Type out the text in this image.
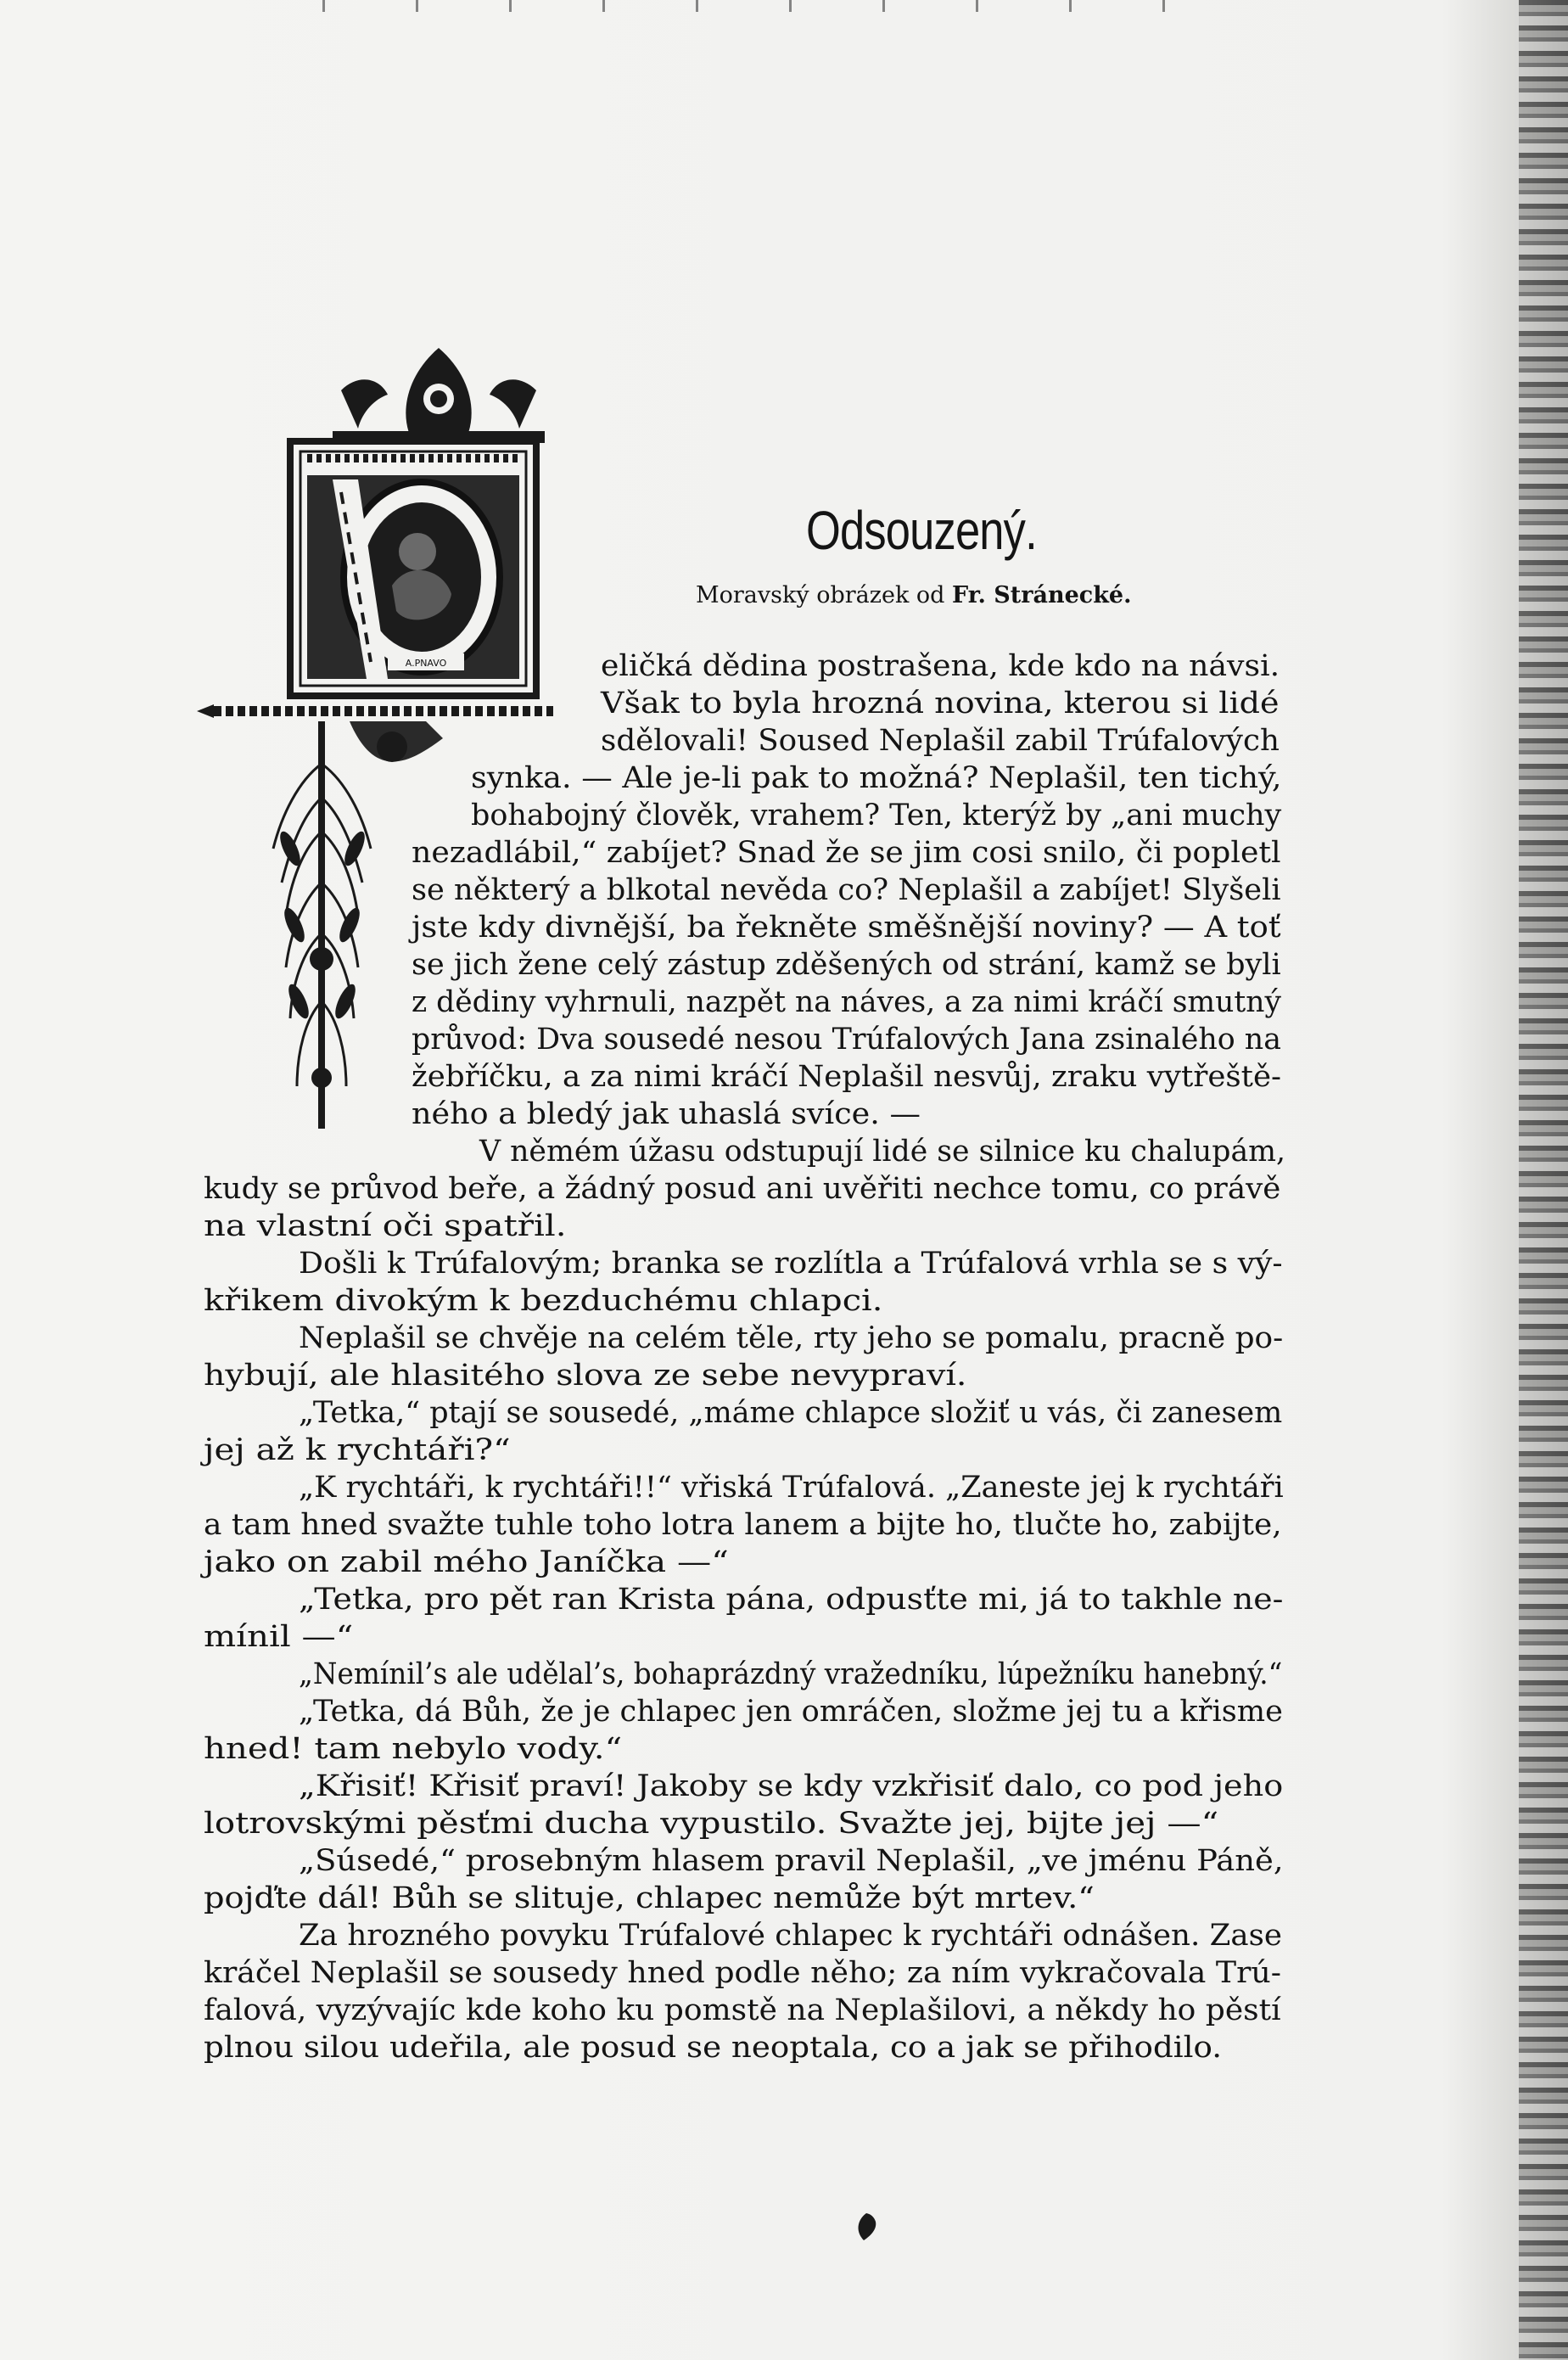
A.PNAVO
Odsouzený.

Moravský obrázek od Fr. Stránecké.

eličká dědina postrašena, kde kdo na návsi.
Však to byla hrozná novina, kterou si lidé
sdělovali! Soused Neplašil zabil Trúfalových
synka. — Ale je-li pak to možná? Neplašil, ten tichý,
bohabojný člověk, vrahem? Ten, kterýž by „ani muchy
nezadlábil,“ zabíjet? Snad že se jim cosi snilo, či popletl
se některý a blkotal nevěda co? Neplašil a zabíjet! Slyšeli
jste kdy divnější, ba řekněte směšnější noviny? — A toť
se jich žene celý zástup zděšených od strání, kamž se byli
z dědiny vyhrnuli, nazpět na náves, a za nimi kráčí smutný
průvod: Dva sousedé nesou Trúfalových Jana zsinalého na
žebříčku, a za nimi kráčí Neplašil nesvůj, zraku vytřeště-
ného a bledý jak uhaslá svíce. —
V němém úžasu odstupují lidé se silnice ku chalupám,
kudy se průvod beře, a žádný posud ani uvěřiti nechce tomu, co právě
na vlastní oči spatřil.
Došli k Trúfalovým; branka se rozlítla a Trúfalová vrhla se s vý-
křikem divokým k bezduchému chlapci.
Neplašil se chvěje na celém těle, rty jeho se pomalu, pracně po-
hybují, ale hlasitého slova ze sebe nevypraví.
„Tetka,“ ptají se sousedé, „máme chlapce složiť u vás, či zanesem
jej až k rychtáři?“
„K rychtáři, k rychtáři!!“ vřiská Trúfalová. „Zaneste jej k rychtáři
a tam hned svažte tuhle toho lotra lanem a bijte ho, tlučte ho, zabijte,
jako on zabil mého Janíčka —“
„Tetka, pro pět ran Krista pána, odpusťte mi, já to takhle ne-
mínil —“
„Nemínil’s ale udělal’s, bohaprázdný vražedníku, lúpežníku hanebný.“
„Tetka, dá Bůh, že je chlapec jen omráčen, složme jej tu a křisme
hned! tam nebylo vody.“
„Křisiť! Křisiť praví! Jakoby se kdy vzkřisiť dalo, co pod jeho
lotrovskými pěsťmi ducha vypustilo. Svažte jej, bijte jej —“
„Súsedé,“ prosebným hlasem pravil Neplašil, „ve jménu Páně,
pojďte dál! Bůh se slituje, chlapec nemůže být mrtev.“
Za hrozného povyku Trúfalové chlapec k rychtáři odnášen. Zase
kráčel Neplašil se sousedy hned podle něho; za ním vykračovala Trú-
falová, vyzývajíc kde koho ku pomstě na Neplašilovi, a někdy ho pěstí
plnou silou udeřila, ale posud se neoptala, co a jak se přihodilo.
